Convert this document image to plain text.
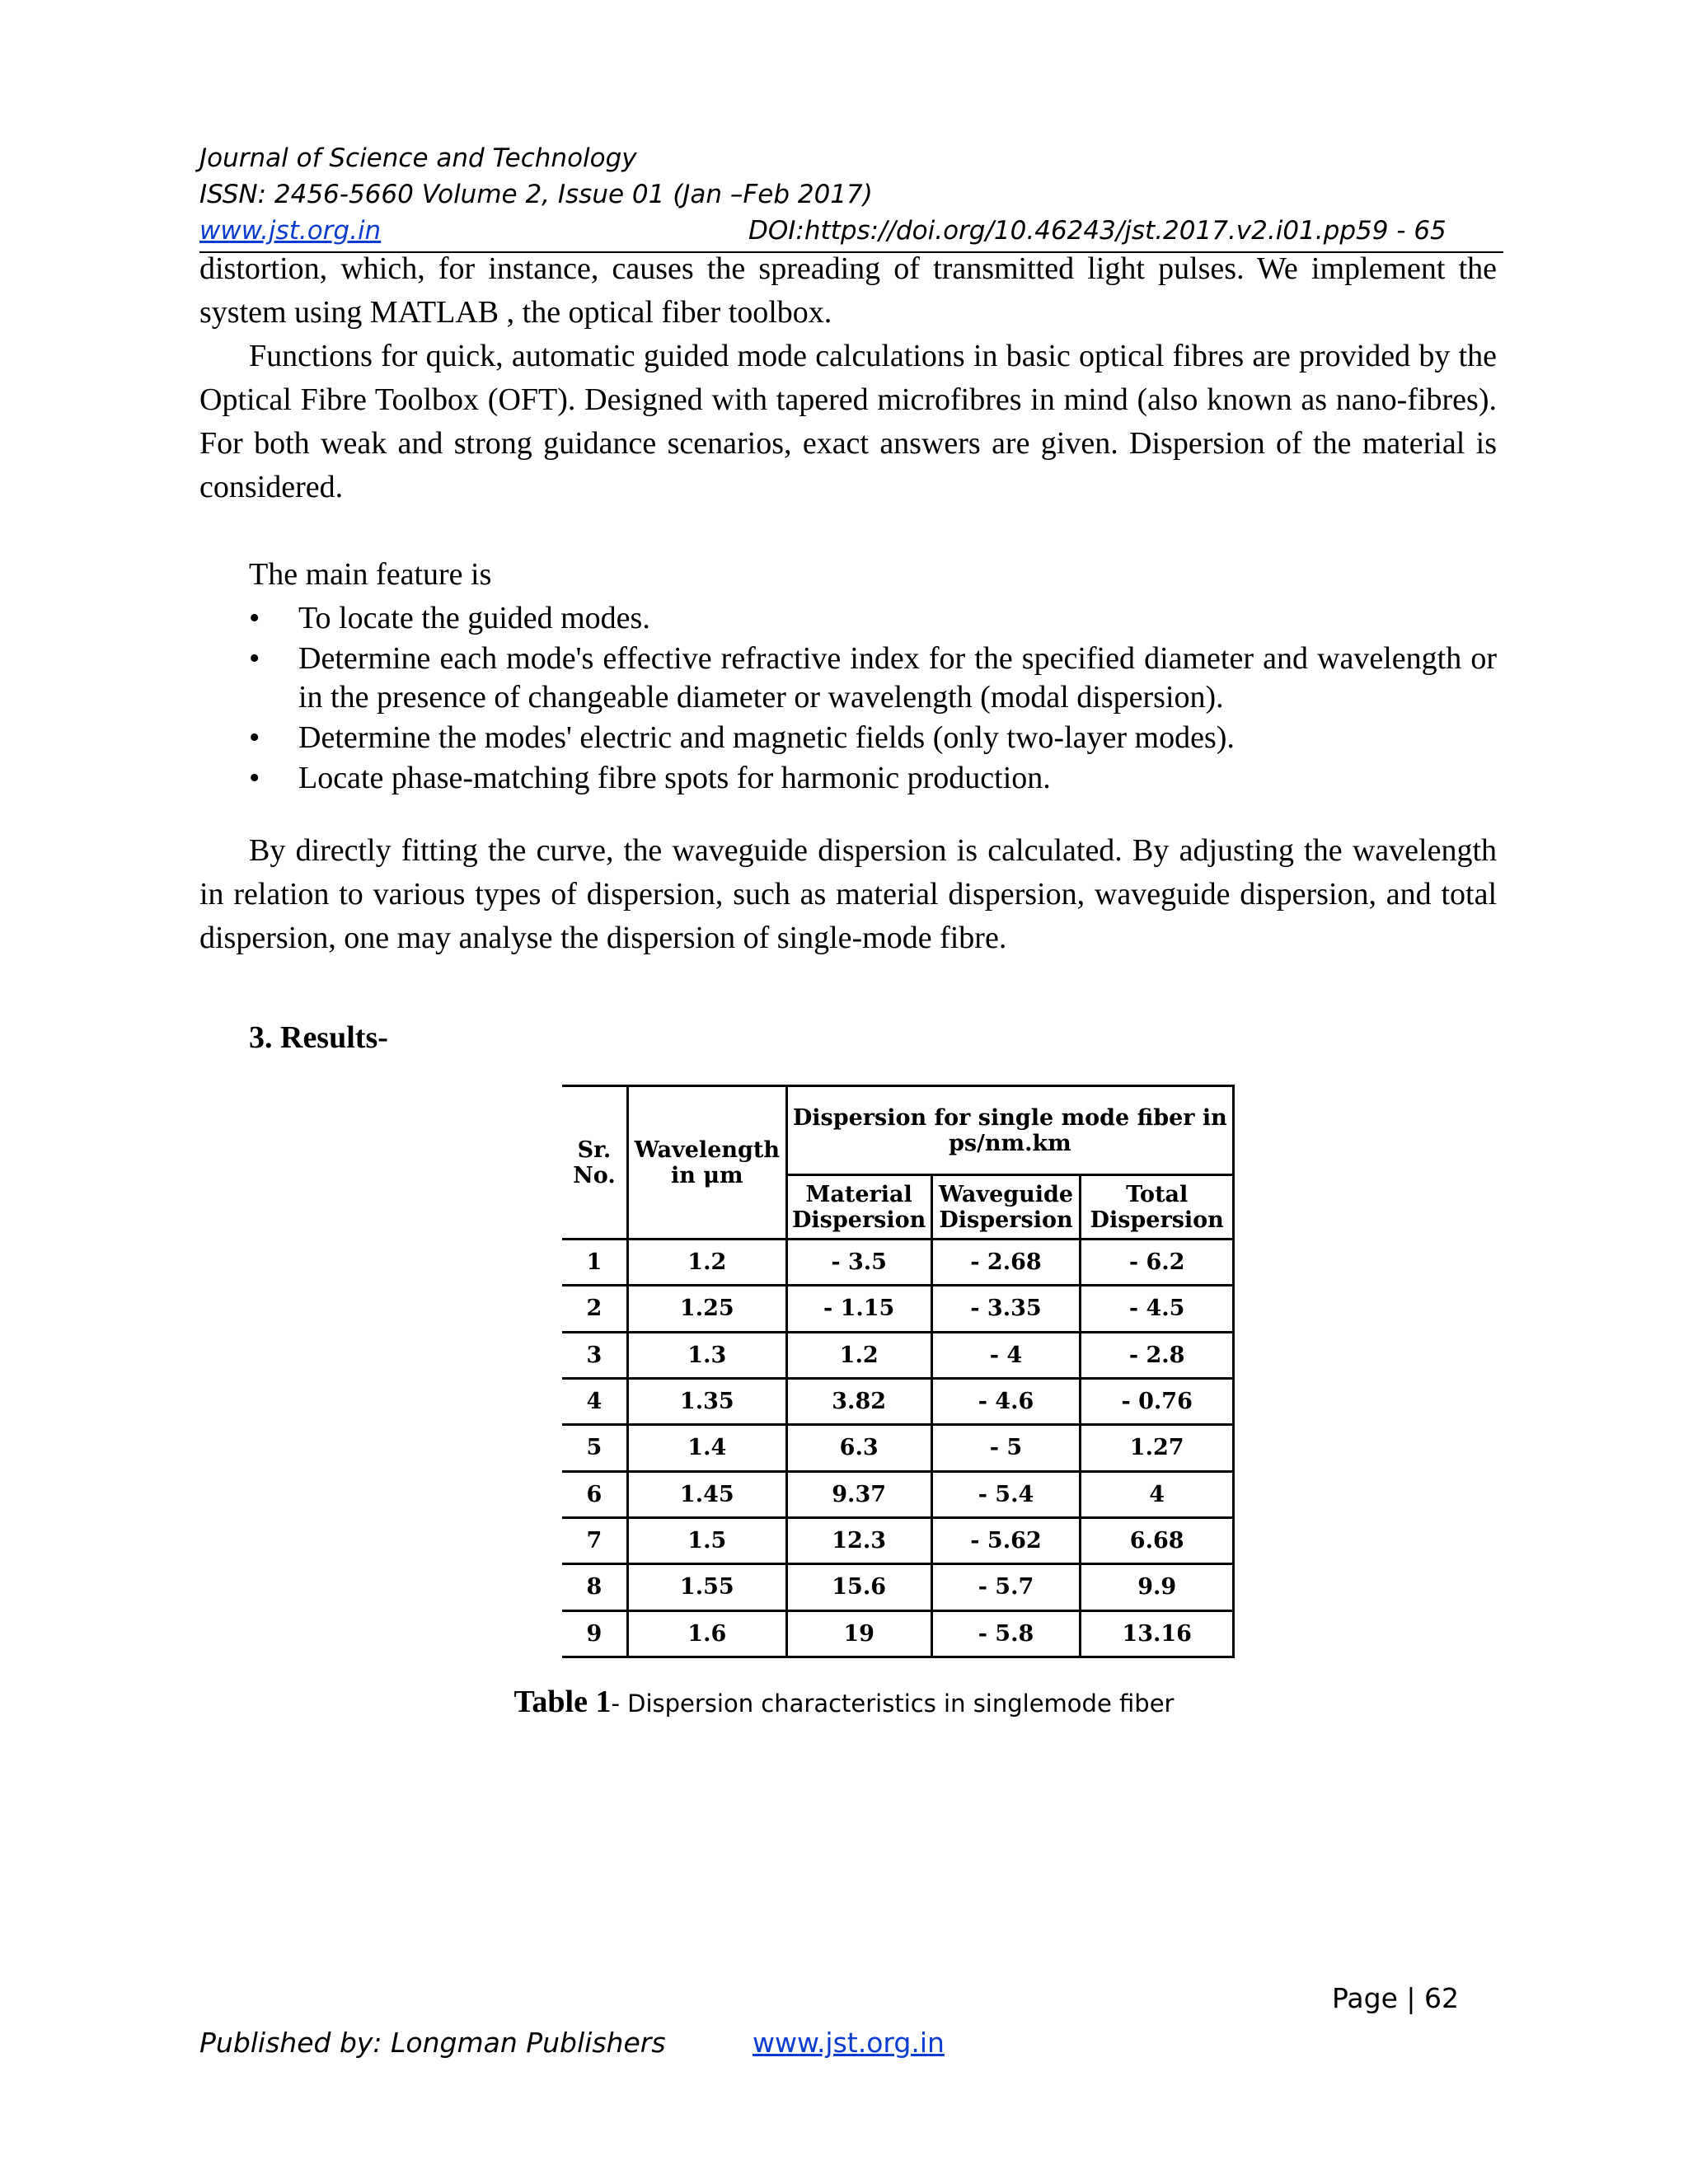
Journal of Science and Technology
ISSN: 2456-5660 Volume 2, Issue 01 (Jan –Feb 2017)
www.jst.org.in	DOI:https://doi.org/10.46243/jst.2017.v2.i01.pp59 - 65
distortion, which, for instance, causes the spreading of transmitted light pulses. We implement the system using MATLAB , the optical fiber toolbox.
Functions for quick, automatic guided mode calculations in basic optical fibres are provided by the Optical Fibre Toolbox (OFT). Designed with tapered microfibres in mind (also known as nano-fibres). For both weak and strong guidance scenarios, exact answers are given. Dispersion of the material is considered.
The main feature is
• To locate the guided modes.
• Determine each mode's effective refractive index for the specified diameter and wavelength or in the presence of changeable diameter or wavelength (modal dispersion).
• Determine the modes' electric and magnetic fields (only two-layer modes).
• Locate phase-matching fibre spots for harmonic production.
By directly fitting the curve, the waveguide dispersion is calculated. By adjusting the wavelength in relation to various types of dispersion, such as material dispersion, waveguide dispersion, and total dispersion, one may analyse the dispersion of single-mode fibre.
3. Results-
Sr. No.	Wavelength in μm	Dispersion for single mode fiber in ps/nm.km		
		Material Dispersion	Waveguide Dispersion	Total Dispersion
1	1.2	- 3.5	- 2.68	- 6.2
2	1.25	- 1.15	- 3.35	- 4.5
3	1.3	1.2	- 4	- 2.8
4	1.35	3.82	- 4.6	- 0.76
5	1.4	6.3	- 5	1.27
6	1.45	9.37	- 5.4	4
7	1.5	12.3	- 5.62	6.68
8	1.55	15.6	- 5.7	9.9
9	1.6	19	- 5.8	13.16
Table 1- Dispersion characteristics in singlemode fiber
Page | 62
Published by: Longman Publishers	www.jst.org.in
